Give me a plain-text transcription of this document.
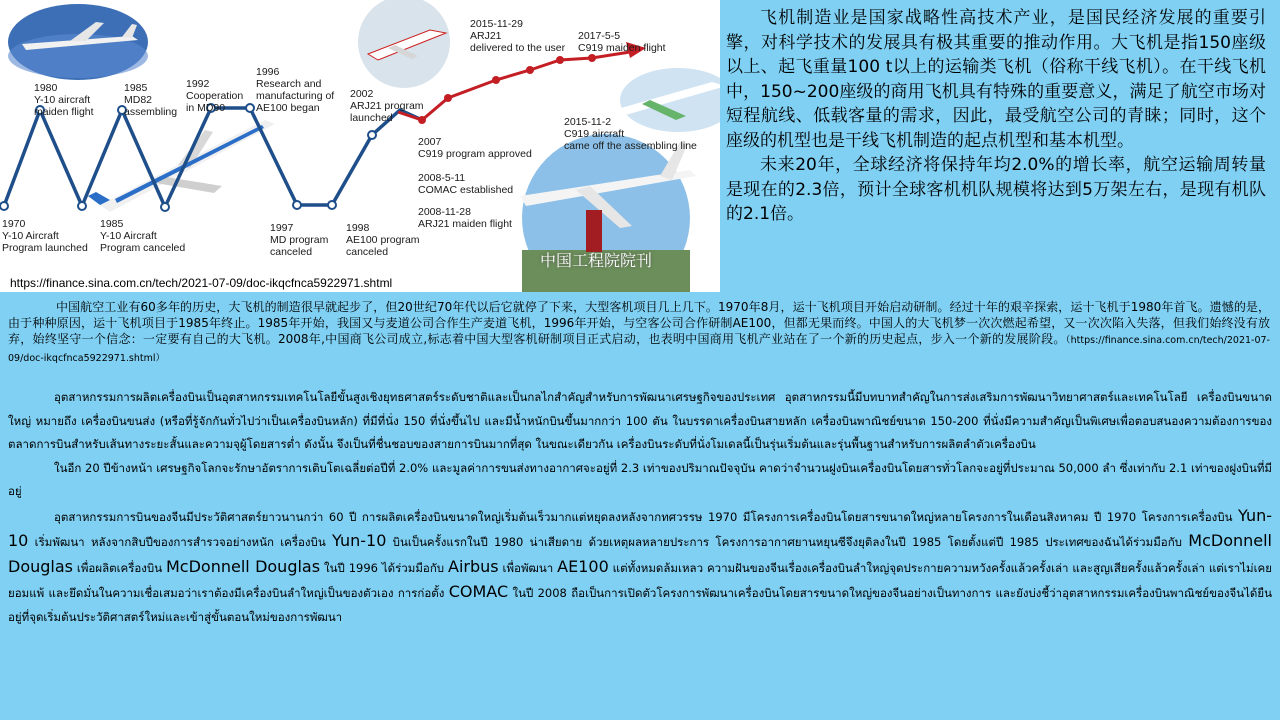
1980
Y-10 aircraft
maiden flight

1970
Y-10 Aircraft
Program launched

1985
MD82
assembling

1985
Y-10 Aircraft
Program canceled

1992
Cooperation
in MD90

1996
Research and
manufacturing of
AE100 began

1997
MD program
canceled

1998
AE100 program
canceled

2002
ARJ21 program
launched

2007
C919 program approved

2008-5-11
COMAC established

2008-11-28
ARJ21 maiden flight

2015-11-29
ARJ21
delivered to the user

2017-5-5
C919 maiden flight

2015-11-2
C919 aircraft
came off the assembling line

中国工程院院刊
https://finance.sina.com.cn/tech/2021-07-09/doc-ikqcfnca5922971.shtml

飞机制造业是国家战略性高技术产业，是国民经济发展的重要引擎，对科学技术的发展具有极其重要的推动作用。大飞机是指150座级以上、起飞重量100 t以上的运输类飞机（俗称干线飞机）。在干线飞机中，150~200座级的商用飞机具有特殊的重要意义，满足了航空市场对短程航线、低载客量的需求，因此，最受航空公司的青睐；同时，这个座级的机型也是干线飞机制造的起点机型和基本机型。

未来20年，全球经济将保持年均2.0%的增长率，航空运输周转量是现在的2.3倍，预计全球客机机队规模将达到5万架左右，是现有机队的2.1倍。

中国航空工业有60多年的历史，大飞机的制造很早就起步了，但20世纪70年代以后它就停了下来，大型客机项目几上几下。1970年8月，运十飞机项目开始启动研制。经过十年的艰辛探索，运十飞机于1980年首飞。遗憾的是，由于种种原因，运十飞机项目于1985年终止。1985年开始，我国又与麦道公司合作生产麦道飞机，1996年开始，与空客公司合作研制AE100，但都无果而终。中国人的大飞机梦一次次燃起希望，又一次次陷入失落，但我们始终没有放弃，始终坚守一个信念：一定要有自己的大飞机。2008年,中国商飞公司成立,标志着中国大型客机研制项目正式启动，也表明中国商用飞机产业站在了一个新的历史起点，步入一个新的发展阶段。（https://finance.sina.com.cn/tech/2021-07-09/doc-ikqcfnca5922971.shtml）

อุตสาหกรรมการผลิตเครื่องบินเป็นอุตสาหกรรมเทคโนโลยีขั้นสูงเชิงยุทธศาสตร์ระดับชาติและเป็นกลไกสำคัญสำหรับการพัฒนาเศรษฐกิจของประเทศ อุตสาหกรรมนี้มีบทบาทสำคัญในการส่งเสริมการพัฒนาวิทยาศาสตร์และเทคโนโลยี เครื่องบินขนาดใหญ่ หมายถึง เครื่องบินขนส่ง (หรือที่รู้จักกันทั่วไปว่าเป็นเครื่องบินหลัก) ที่มีที่นั่ง 150 ที่นั่งขึ้นไป และมีน้ำหนักบินขึ้นมากกว่า 100 ตัน ในบรรดาเครื่องบินสายหลัก เครื่องบินพาณิชย์ขนาด 150-200 ที่นั่งมีความสำคัญเป็นพิเศษเพื่อตอบสนองความต้องการของตลาดการบินสำหรับเส้นทางระยะสั้นและความจุผู้โดยสารต่ำ ดังนั้น จึงเป็นที่ชื่นชอบของสายการบินมากที่สุด ในขณะเดียวกัน เครื่องบินระดับที่นั่งโมเดลนี้เป็นรุ่นเริ่มต้นและรุ่นพื้นฐานสำหรับการผลิตลำตัวเครื่องบิน

ในอีก 20 ปีข้างหน้า เศรษฐกิจโลกจะรักษาอัตราการเติบโตเฉลี่ยต่อปีที่ 2.0% และมูลค่าการขนส่งทางอากาศจะอยู่ที่ 2.3 เท่าของปริมาณปัจจุบัน คาดว่าจำนวนฝูงบินเครื่องบินโดยสารทั่วโลกจะอยู่ที่ประมาณ 50,000 ลำ ซึ่งเท่ากับ 2.1 เท่าของฝูงบินที่มีอยู่

อุตสาหกรรมการบินของจีนมีประวัติศาสตร์ยาวนานกว่า 60 ปี การผลิตเครื่องบินขนาดใหญ่เริ่มต้นเร็วมากแต่หยุดลงหลังจากทศวรรษ 1970 มีโครงการเครื่องบินโดยสารขนาดใหญ่หลายโครงการในเดือนสิงหาคม ปี 1970 โครงการเครื่องบิน Yun-10 เริ่มพัฒนา หลังจากสิบปีของการสำรวจอย่างหนัก เครื่องบิน Yun-10 บินเป็นครั้งแรกในปี 1980 น่าเสียดาย ด้วยเหตุผลหลายประการ โครงการอากาศยานหยุนซีจึงยุติลงในปี 1985 โดยตั้งแต่ปี 1985 ประเทศของฉันได้ร่วมมือกับ McDonnell Douglas เพื่อผลิตเครื่องบิน McDonnell Douglas ในปี 1996 ได้ร่วมมือกับ Airbus เพื่อพัฒนา AE100 แต่ทั้งหมดล้มเหลว ความฝันของจีนเรื่องเครื่องบินลำใหญ่จุดประกายความหวังครั้งแล้วครั้งเล่า และสูญเสียครั้งแล้วครั้งเล่า แต่เราไม่เคยยอมแพ้ และยึดมั่นในความเชื่อเสมอว่าเราต้องมีเครื่องบินลำใหญ่เป็นของตัวเอง การก่อตั้ง COMAC ในปี 2008 ถือเป็นการเปิดตัวโครงการพัฒนาเครื่องบินโดยสารขนาดใหญ่ของจีนอย่างเป็นทางการ และยังบ่งชี้ว่าอุตสาหกรรมเครื่องบินพาณิชย์ของจีนได้ยืนอยู่ที่จุดเริ่มต้นประวัติศาสตร์ใหม่และเข้าสู่ขั้นตอนใหม่ของการพัฒนา
